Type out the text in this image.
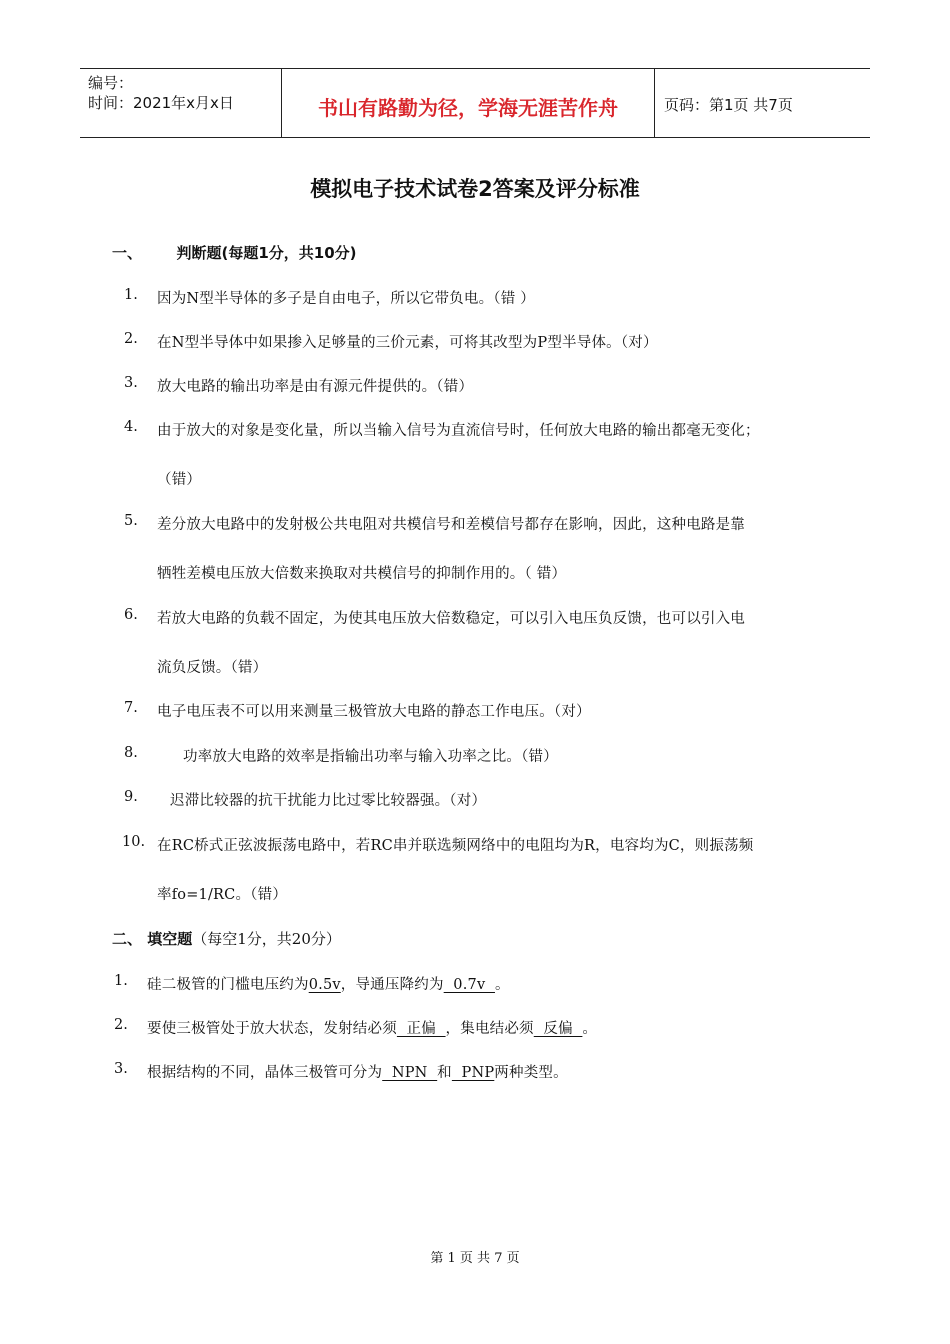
编号：
时间：2021年x月x日	书山有路勤为径，学海无涯苦作舟	页码：第1页 共7页
模拟电子技术试卷2答案及评分标准
一、 判断题(每题1分，共10分)
1. 因为N型半导体的多子是自由电子，所以它带负电。（错 ）
2. 在N型半导体中如果掺入足够量的三价元素，可将其改型为P型半导体。（对）
3. 放大电路的输出功率是由有源元件提供的。（错）
4. 由于放大的对象是变化量，所以当输入信号为直流信号时，任何放大电路的输出都毫无变化；
（错）
5. 差分放大电路中的发射极公共电阻对共模信号和差模信号都存在影响，因此，这种电路是靠
牺牲差模电压放大倍数来换取对共模信号的抑制作用的。（ 错）
6. 若放大电路的负载不固定，为使其电压放大倍数稳定，可以引入电压负反馈，也可以引入电
流负反馈。（错）
7. 电子电压表不可以用来测量三极管放大电路的静态工作电压。（对）
8.	功率放大电路的效率是指输出功率与输入功率之比。（错）
9. 迟滞比较器的抗干扰能力比过零比较器强。（对）
10. 在RC桥式正弦波振荡电路中，若RC串并联选频网络中的电阻均为R，电容均为C，则振荡频
率fo=1/RC。（错）
二、 填空题（每空1分，共20分）
1. 硅二极管的门槛电压约为0.5v，导通压降约为  0.7v  。
2. 要使三极管处于放大状态，发射结必须  正偏  ，集电结必须  反偏  。
3. 根据结构的不同，晶体三极管可分为  NPN  和  PNP两种类型。
第 1 页 共 7 页
